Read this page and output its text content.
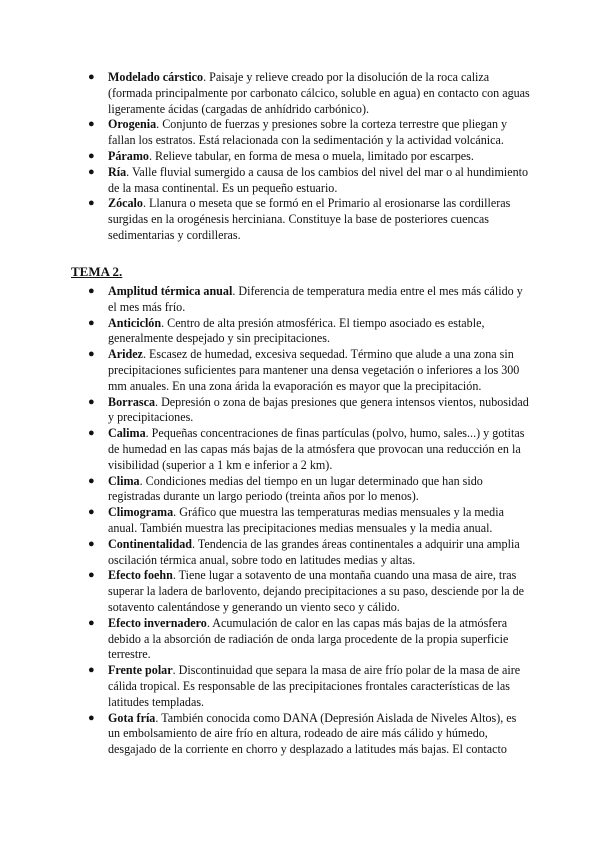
● Modelado cárstico. Paisaje y relieve creado por la disolución de la roca caliza (formada principalmente por carbonato cálcico, soluble en agua) en contacto con aguas ligeramente ácidas (cargadas de anhídrido carbónico).
● Orogenia. Conjunto de fuerzas y presiones sobre la corteza terrestre que pliegan y fallan los estratos. Está relacionada con la sedimentación y la actividad volcánica.
● Páramo. Relieve tabular, en forma de mesa o muela, limitado por escarpes.
● Ría. Valle fluvial sumergido a causa de los cambios del nivel del mar o al hundimiento de la masa continental. Es un pequeño estuario.
● Zócalo. Llanura o meseta que se formó en el Primario al erosionarse las cordilleras surgidas en la orogénesis herciniana. Constituye la base de posteriores cuencas sedimentarias y cordilleras.
TEMA 2.
● Amplitud térmica anual. Diferencia de temperatura media entre el mes más cálido y el mes más frío.
● Anticiclón. Centro de alta presión atmosférica. El tiempo asociado es estable, generalmente despejado y sin precipitaciones.
● Aridez. Escasez de humedad, excesiva sequedad. Término que alude a una zona sin precipitaciones suficientes para mantener una densa vegetación o inferiores a los 300 mm anuales. En una zona árida la evaporación es mayor que la precipitación.
● Borrasca. Depresión o zona de bajas presiones que genera intensos vientos, nubosidad y precipitaciones.
● Calima. Pequeñas concentraciones de finas partículas (polvo, humo, sales...) y gotitas de humedad en las capas más bajas de la atmósfera que provocan una reducción en la visibilidad (superior a 1 km e inferior a 2 km).
● Clima. Condiciones medias del tiempo en un lugar determinado que han sido registradas durante un largo periodo (treinta años por lo menos).
● Climograma. Gráfico que muestra las temperaturas medias mensuales y la media anual. También muestra las precipitaciones medias mensuales y la media anual.
● Continentalidad. Tendencia de las grandes áreas continentales a adquirir una amplia oscilación térmica anual, sobre todo en latitudes medias y altas.
● Efecto foehn. Tiene lugar a sotavento de una montaña cuando una masa de aire, tras superar la ladera de barlovento, dejando precipitaciones a su paso, desciende por la de sotavento calentándose y generando un viento seco y cálido.
● Efecto invernadero. Acumulación de calor en las capas más bajas de la atmósfera debido a la absorción de radiación de onda larga procedente de la propia superficie terrestre.
● Frente polar. Discontinuidad que separa la masa de aire frío polar de la masa de aire cálida tropical. Es responsable de las precipitaciones frontales características de las latitudes templadas.
● Gota fría. También conocida como DANA (Depresión Aislada de Niveles Altos), es un embolsamiento de aire frío en altura, rodeado de aire más cálido y húmedo, desgajado de la corriente en chorro y desplazado a latitudes más bajas. El contacto
